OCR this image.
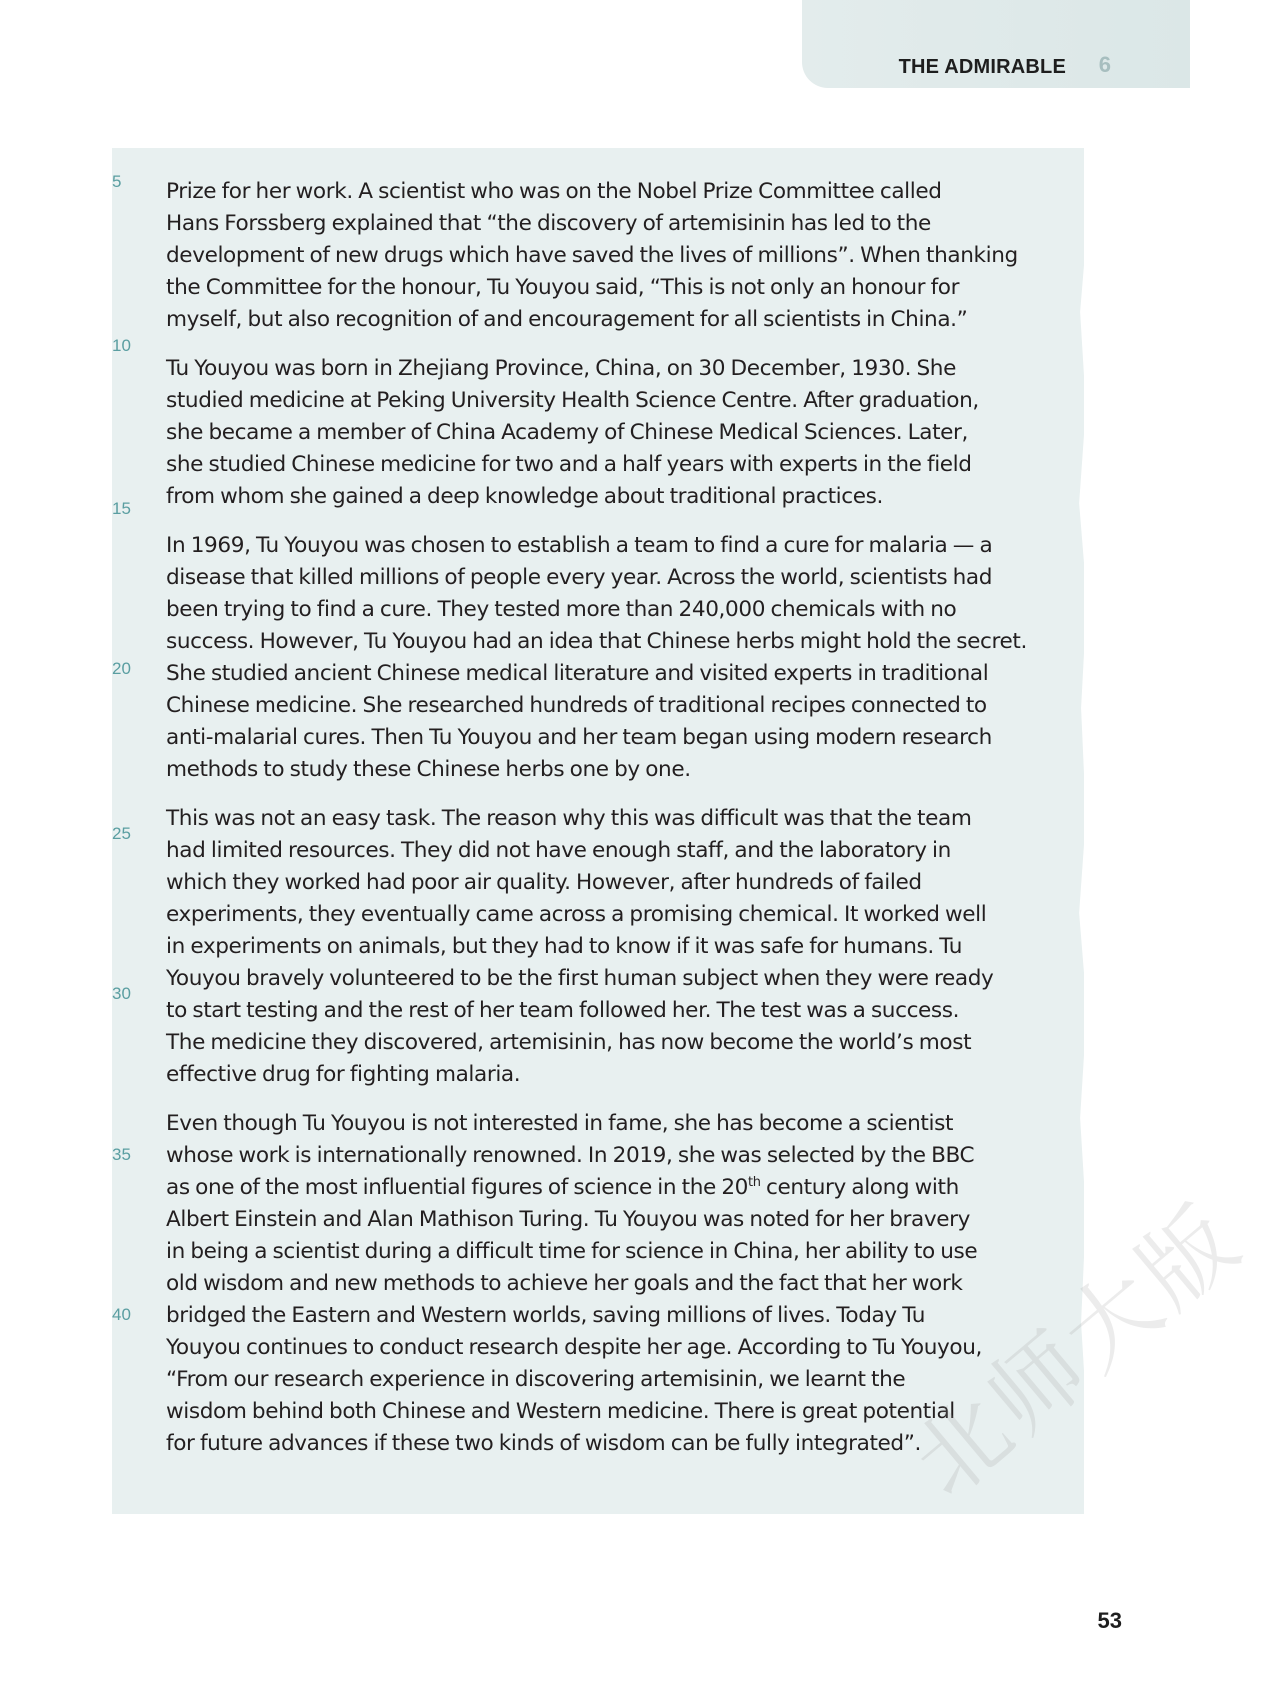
THE ADMIRABLE 6
5
10
15
20
25
30
35
40

Prize for her work. A scientist who was on the Nobel Prize Committee called
Hans Forssberg explained that “the discovery of artemisinin has led to the
development of new drugs which have saved the lives of millions”. When thanking
the Committee for the honour, Tu Youyou said, “This is not only an honour for
myself, but also recognition of and encouragement for all scientists in China.”

Tu Youyou was born in Zhejiang Province, China, on 30 December, 1930. She
studied medicine at Peking University Health Science Centre. After graduation,
she became a member of China Academy of Chinese Medical Sciences. Later,
she studied Chinese medicine for two and a half years with experts in the field
from whom she gained a deep knowledge about traditional practices.

In 1969, Tu Youyou was chosen to establish a team to find a cure for malaria — a
disease that killed millions of people every year. Across the world, scientists had
been trying to find a cure. They tested more than 240,000 chemicals with no
success. However, Tu Youyou had an idea that Chinese herbs might hold the secret.
She studied ancient Chinese medical literature and visited experts in traditional
Chinese medicine. She researched hundreds of traditional recipes connected to
anti-malarial cures. Then Tu Youyou and her team began using modern research
methods to study these Chinese herbs one by one.

This was not an easy task. The reason why this was difficult was that the team
had limited resources. They did not have enough staff, and the laboratory in
which they worked had poor air quality. However, after hundreds of failed
experiments, they eventually came across a promising chemical. It worked well
in experiments on animals, but they had to know if it was safe for humans. Tu
Youyou bravely volunteered to be the first human subject when they were ready
to start testing and the rest of her team followed her. The test was a success.
The medicine they discovered, artemisinin, has now become the world’s most
effective drug for fighting malaria.

Even though Tu Youyou is not interested in fame, she has become a scientist
whose work is internationally renowned. In 2019, she was selected by the BBC
as one of the most influential figures of science in the 20th century along with
Albert Einstein and Alan Mathison Turing. Tu Youyou was noted for her bravery
in being a scientist during a difficult time for science in China, her ability to use
old wisdom and new methods to achieve her goals and the fact that her work
bridged the Eastern and Western worlds, saving millions of lives. Today Tu
Youyou continues to conduct research despite her age. According to Tu Youyou,
“From our research experience in discovering artemisinin, we learnt the
wisdom behind both Chinese and Western medicine. There is great potential
for future advances if these two kinds of wisdom can be fully integrated”.

北师大版
53
